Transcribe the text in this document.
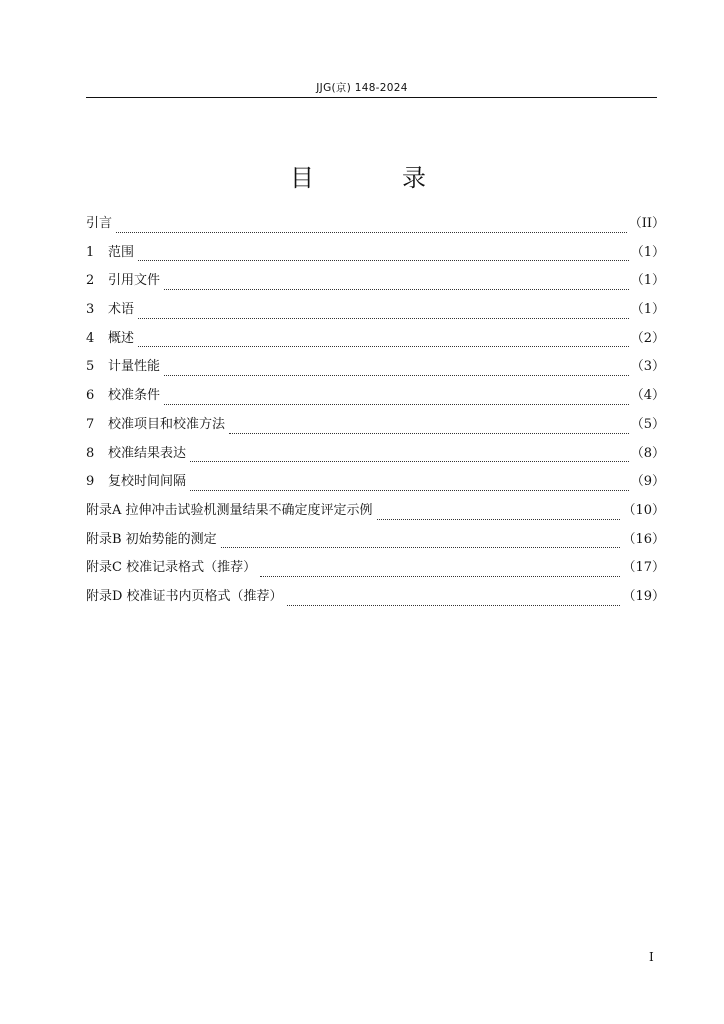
JJG(京) 148-2024
目　录
引言	（II）
1	范围	（1）
2	引用文件	（1）
3	术语	（1）
4	概述	（2）
5	计量性能	（3）
6	校准条件	（4）
7	校准项目和校准方法	（5）
8	校准结果表达	（8）
9	复校时间间隔	（9）
附录A 拉伸冲击试验机测量结果不确定度评定示例	（10）
附录B 初始势能的测定	（16）
附录C 校准记录格式（推荐）	（17）
附录D 校准证书内页格式（推荐）	（19）
I
